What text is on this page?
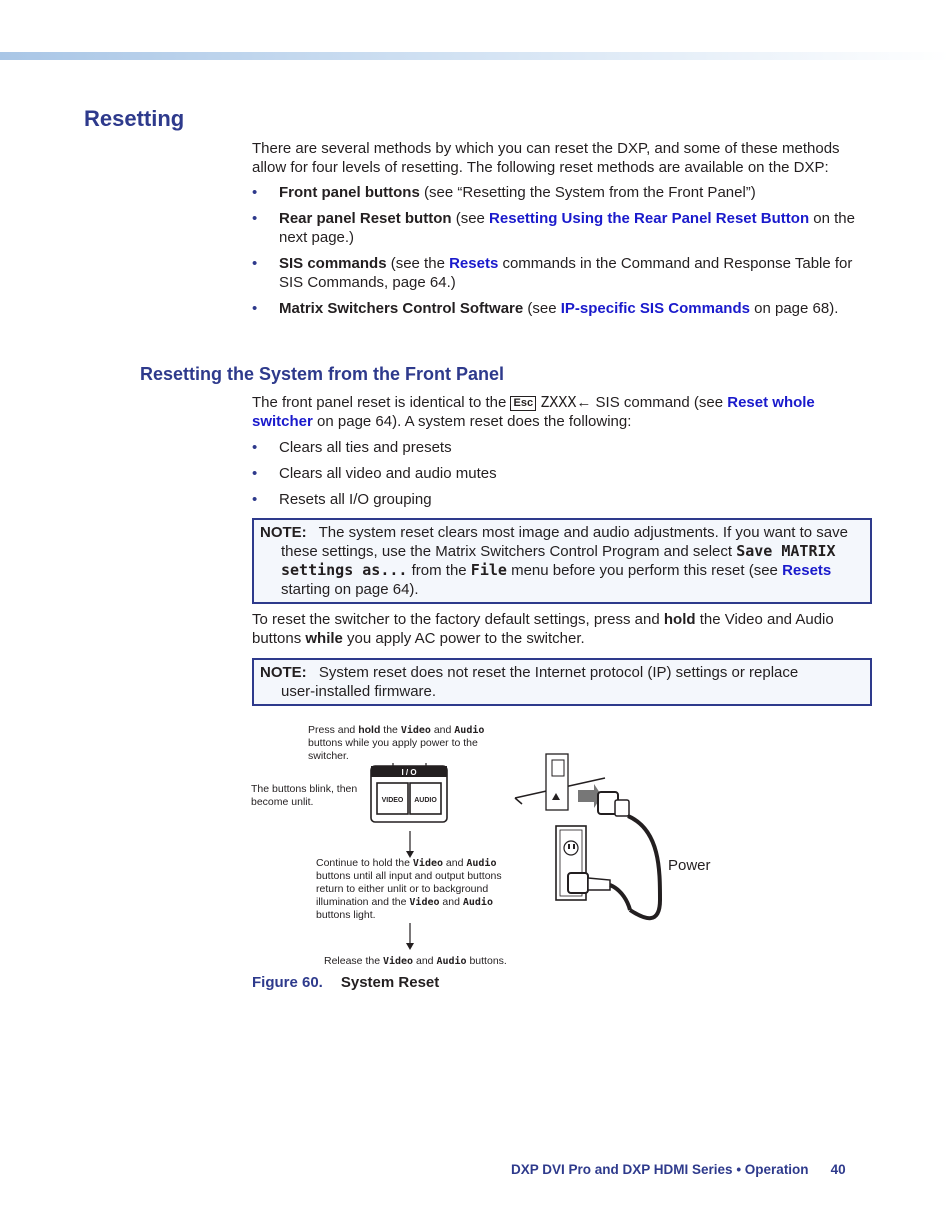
Resetting

There are several methods by which you can reset the DXP, and some of these methods allow for four levels of resetting. The following reset methods are available on the DXP:

• Front panel buttons (see “Resetting the System from the Front Panel”)
• Rear panel Reset button (see Resetting Using the Rear Panel Reset Button on the next page.)
• SIS commands (see the Resets commands in the Command and Response Table for SIS Commands, page 64.)
• Matrix Switchers Control Software (see IP-specific SIS Commands on page 68).
Resetting the System from the Front Panel

The front panel reset is identical to the Esc ZXXX← SIS command (see Reset whole switcher on page 64). A system reset does the following:

• Clears all ties and presets
• Clears all video and audio mutes
• Resets all I/O grouping
NOTE: The system reset clears most image and audio adjustments. If you want to save
these settings, use the Matrix Switchers Control Program and select Save MATRIX settings as... from the File menu before you perform this reset (see Resets starting on page 64).

To reset the switcher to the factory default settings, press and hold the Video and Audio buttons while you apply AC power to the switcher.

NOTE: System reset does not reset the Internet protocol (IP) settings or replace
user-installed firmware.
Press and hold the Video and Audio buttons while you apply power to the switcher.
The buttons blink, then become unlit.
I / O
VIDEO AUDIO
Continue to hold the Video and Audio buttons until all input and output buttons return to either unlit or to background illumination and the Video and Audio buttons light.
Release the Video and Audio buttons.
Power
Figure 60. System Reset
DXP DVI Pro and DXP HDMI Series • Operation 40
